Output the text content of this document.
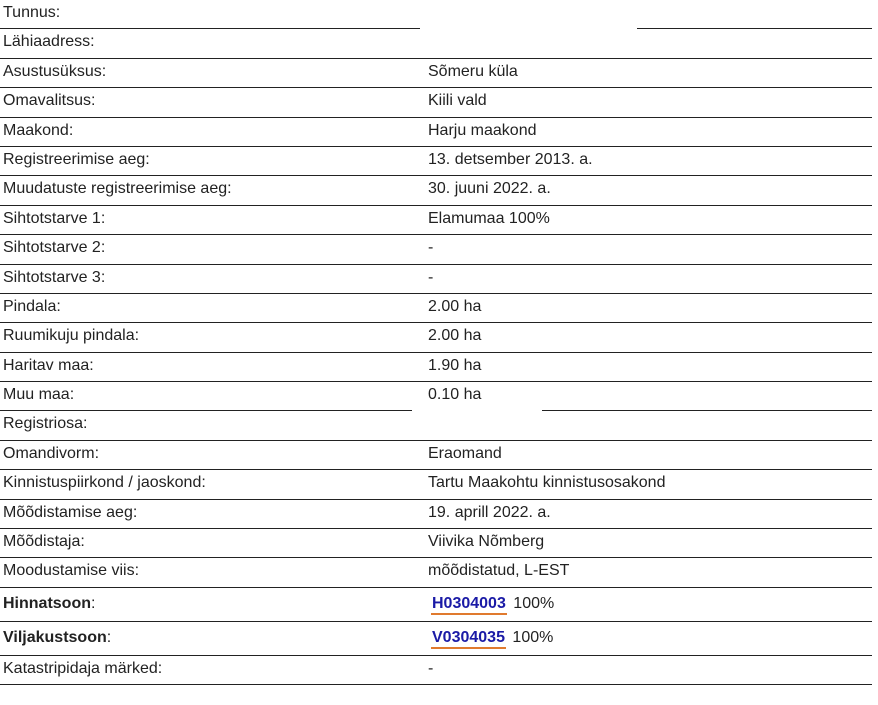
Tunnus:
Lähiaadress:
Asustusüksus:	Sõmeru küla
Omavalitsus:	Kiili vald
Maakond:	Harju maakond
Registreerimise aeg:	13. detsember 2013. a.
Muudatuste registreerimise aeg:	30. juuni 2022. a.
Sihtotstarve 1:	Elamumaa 100%
Sihtotstarve 2:	-
Sihtotstarve 3:	-
Pindala:	2.00 ha
Ruumikuju pindala:	2.00 ha
Haritav maa:	1.90 ha
Muu maa:	0.10 ha
Registriosa:
Omandivorm:	Eraomand
Kinnistuspiirkond / jaoskond:	Tartu Maakohtu kinnistusosakond
Mõõdistamise aeg:	19. aprill 2022. a.
Mõõdistaja:	Viivika Nõmberg
Moodustamise viis:	mõõdistatud, L-EST
Hinnatsoon:	H0304003 100%
Viljakustsoon:	V0304035 100%
Katastripidaja märked:	-
